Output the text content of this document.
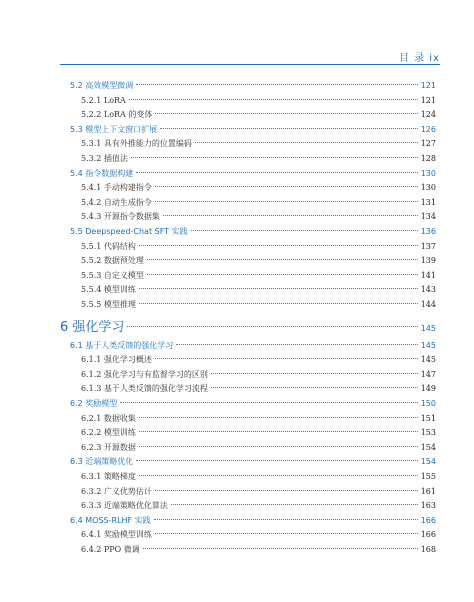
目 录 ix
5.2 高效模型微调	121
5.2.1 LoRA	121
5.2.2 LoRA 的变体	124
5.3 模型上下文窗口扩展	126
5.3.1 具有外推能力的位置编码	127
5.3.2 插值法	128
5.4 指令数据构建	130
5.4.1 手动构建指令	130
5.4.2 自动生成指令	131
5.4.3 开源指令数据集	134
5.5 Deepspeed-Chat SFT 实践	136
5.5.1 代码结构	137
5.5.2 数据预处理	139
5.5.3 自定义模型	141
5.5.4 模型训练	143
5.5.5 模型推理	144
6 强化学习	145
6.1 基于人类反馈的强化学习	145
6.1.1 强化学习概述	145
6.1.2 强化学习与有监督学习的区别	147
6.1.3 基于人类反馈的强化学习流程	149
6.2 奖励模型	150
6.2.1 数据收集	151
6.2.2 模型训练	153
6.2.3 开源数据	154
6.3 近端策略优化	154
6.3.1 策略梯度	155
6.3.2 广义优势估计	161
6.3.3 近端策略优化算法	163
6.4 MOSS-RLHF 实践	166
6.4.1 奖励模型训练	166
6.4.2 PPO 微调	168
